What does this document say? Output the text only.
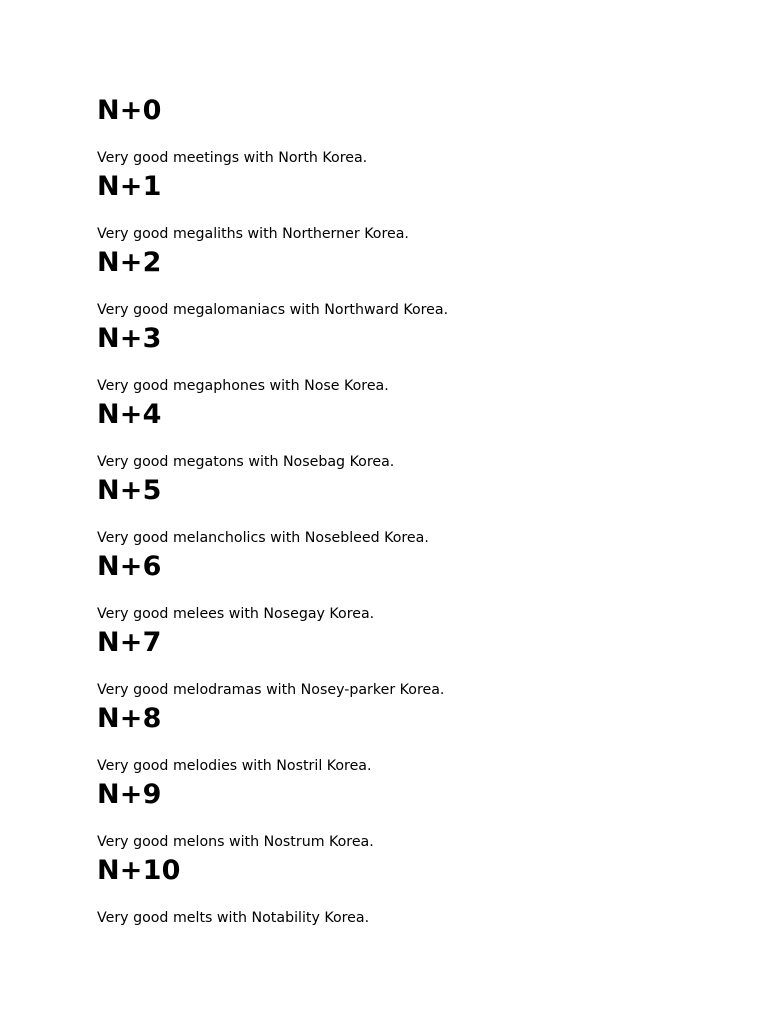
N+0

Very good meetings with North Korea.

N+1

Very good megaliths with Northerner Korea.

N+2

Very good megalomaniacs with Northward Korea.

N+3

Very good megaphones with Nose Korea.

N+4

Very good megatons with Nosebag Korea.

N+5

Very good melancholics with Nosebleed Korea.

N+6

Very good melees with Nosegay Korea.

N+7

Very good melodramas with Nosey-parker Korea.

N+8

Very good melodies with Nostril Korea.

N+9

Very good melons with Nostrum Korea.

N+10

Very good melts with Notability Korea.
